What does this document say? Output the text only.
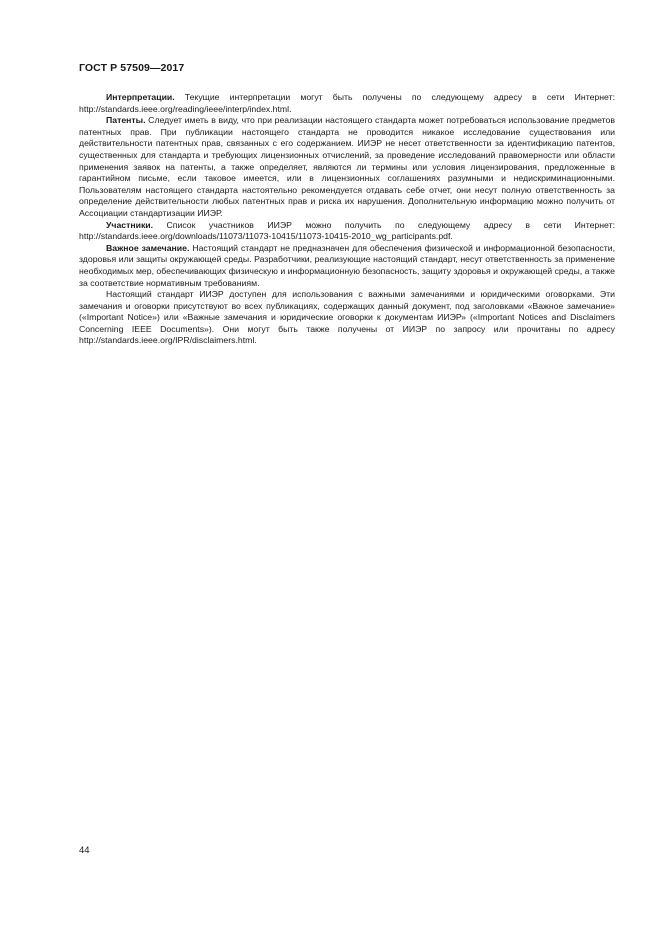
ГОСТ Р 57509—2017

Интерпретации. Текущие интерпретации могут быть получены по следующему адресу в сети Интернет: http://standards.ieee.org/reading/ieee/interp/index.html.

Патенты. Следует иметь в виду, что при реализации настоящего стандарта может потребоваться использование предметов патентных прав. При публикации настоящего стандарта не проводится никакое исследование существования или действительности патентных прав, связанных с его содержанием. ИИЭР не несет ответственности за идентификацию патентов, существенных для стандарта и требующих лицензионных отчислений, за проведение исследований правомерности или области применения заявок на патенты, а также определяет, являются ли термины или условия лицензирования, предложенные в гарантийном письме, если таковое имеется, или в лицензионных соглашениях разумными и недискриминационными. Пользователям настоящего стандарта настоятельно рекомендуется отдавать себе отчет, они несут полную ответственность за определение действительности любых патентных прав и риска их нарушения. Дополнительную информацию можно получить от Ассоциации стандартизации ИИЭР.

Участники. Список участников ИИЭР можно получить по следующему адресу в сети Интернет: http://standards.ieee.org/downloads/11073/11073-10415/11073-10415-2010_wg_participants.pdf.

Важное замечание. Настоящий стандарт не предназначен для обеспечения физической и информационной безопасности, здоровья или защиты окружающей среды. Разработчики, реализующие настоящий стандарт, несут ответственность за применение необходимых мер, обеспечивающих физическую и информационную безопасность, защиту здоровья и окружающей среды, а также за соответствие нормативным требованиям.

Настоящий стандарт ИИЭР доступен для использования с важными замечаниями и юридическими оговорками. Эти замечания и оговорки присутствуют во всех публикациях, содержащих данный документ, под заголовками «Важное замечание» («Important Notice») или «Важные замечания и юридические оговорки к документам ИИЭР» («Important Notices and Disclaimers Concerning IEEE Documents»). Они могут быть также получены от ИИЭР по запросу или прочитаны по адресу http://standards.ieee.org/IPR/disclaimers.html.

44
